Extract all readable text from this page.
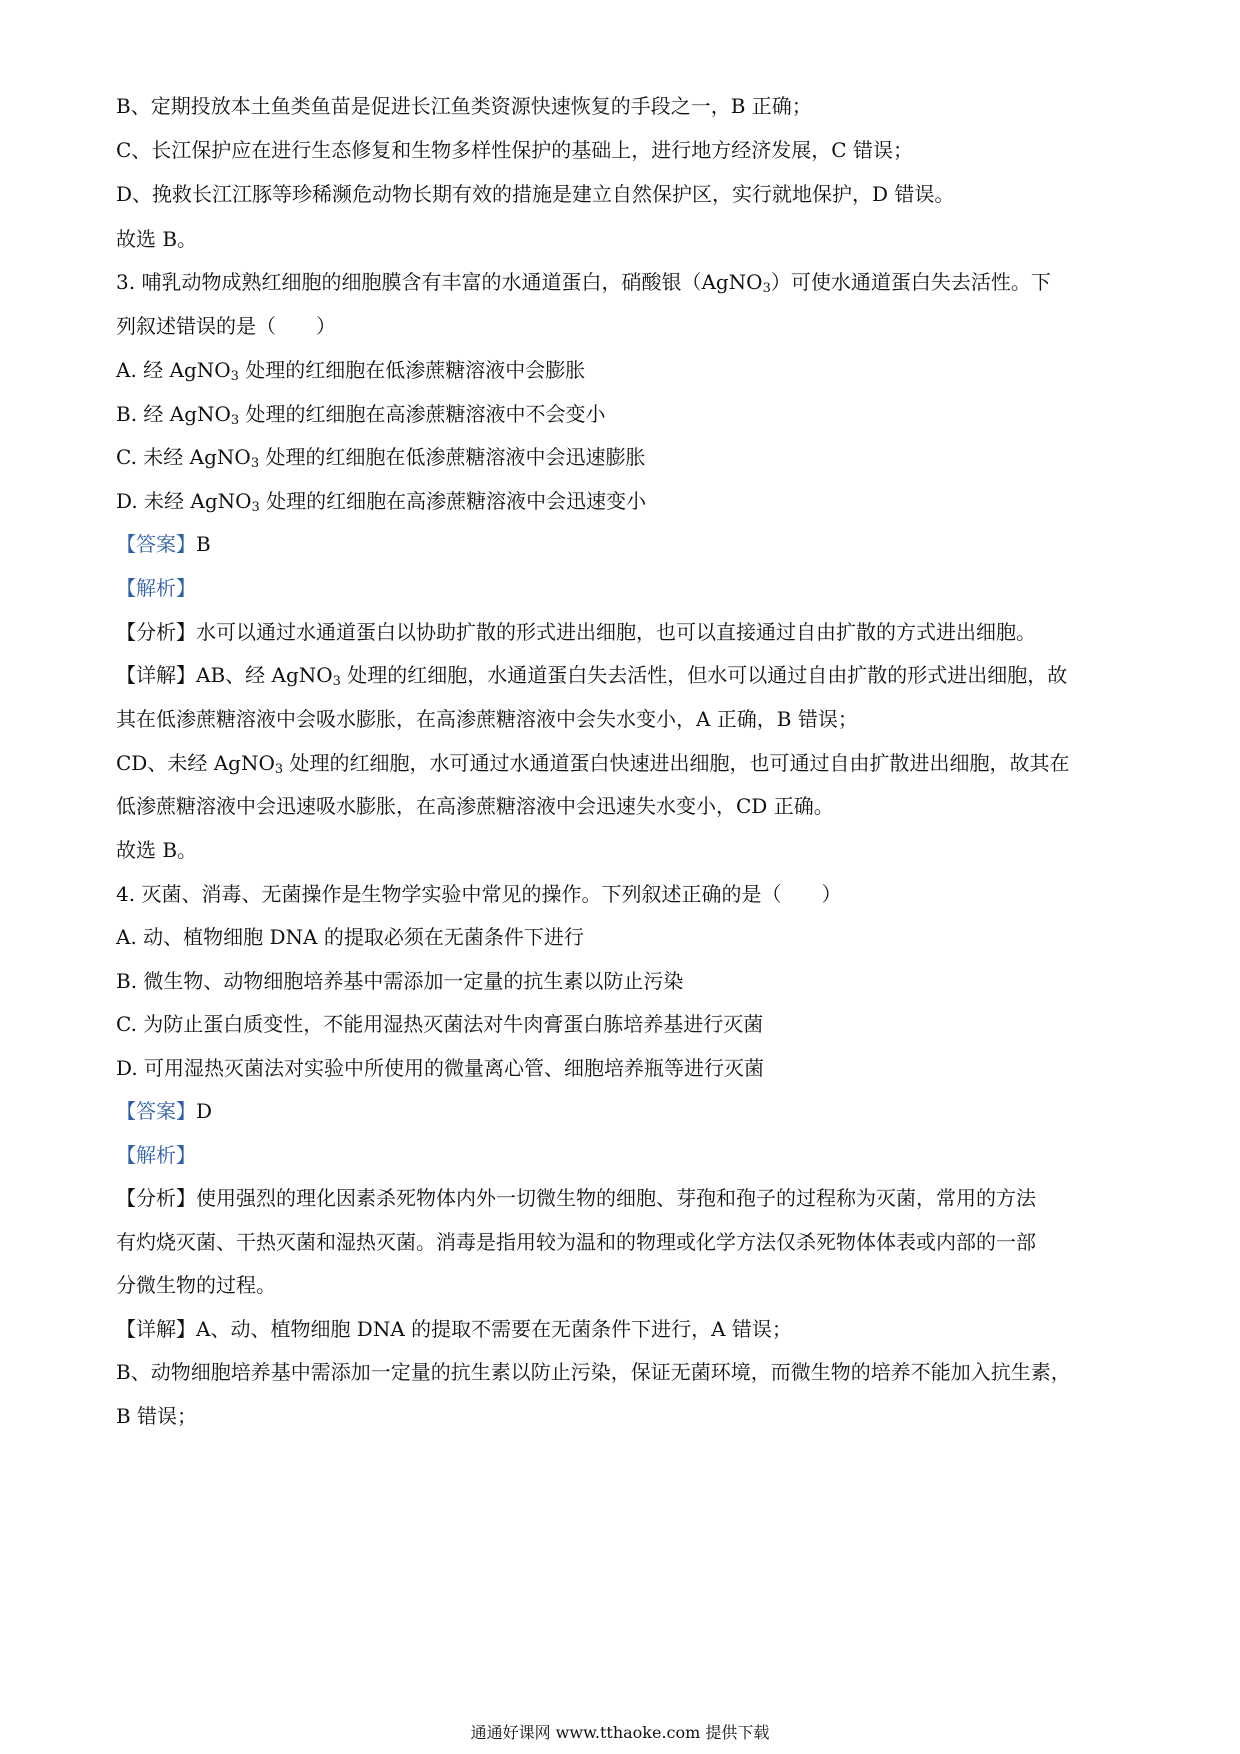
B、定期投放本土鱼类鱼苗是促进长江鱼类资源快速恢复的手段之一，B 正确；
C、长江保护应在进行生态修复和生物多样性保护的基础上，进行地方经济发展，C 错误；
D、挽救长江江豚等珍稀濒危动物长期有效的措施是建立自然保护区，实行就地保护，D 错误。
故选 B。
3. 哺乳动物成熟红细胞的细胞膜含有丰富的水通道蛋白，硝酸银（AgNO$_3$）可使水通道蛋白失去活性。下
列叙述错误的是（　　）
A. 经 AgNO$_3$ 处理的红细胞在低渗蔗糖溶液中会膨胀
B. 经 AgNO$_3$ 处理的红细胞在高渗蔗糖溶液中不会变小
C. 未经 AgNO$_3$ 处理的红细胞在低渗蔗糖溶液中会迅速膨胀
D. 未经 AgNO$_3$ 处理的红细胞在高渗蔗糖溶液中会迅速变小
【答案】B
【解析】
【分析】水可以通过水通道蛋白以协助扩散的形式进出细胞，也可以直接通过自由扩散的方式进出细胞。
【详解】AB、经 AgNO$_3$ 处理的红细胞，水通道蛋白失去活性，但水可以通过自由扩散的形式进出细胞，故
其在低渗蔗糖溶液中会吸水膨胀，在高渗蔗糖溶液中会失水变小，A 正确，B 错误；
CD、未经 AgNO$_3$ 处理的红细胞，水可通过水通道蛋白快速进出细胞，也可通过自由扩散进出细胞，故其在
低渗蔗糖溶液中会迅速吸水膨胀，在高渗蔗糖溶液中会迅速失水变小，CD 正确。
故选 B。
4. 灭菌、消毒、无菌操作是生物学实验中常见的操作。下列叙述正确的是（　　）
A. 动、植物细胞 DNA 的提取必须在无菌条件下进行
B. 微生物、动物细胞培养基中需添加一定量的抗生素以防止污染
C. 为防止蛋白质变性，不能用湿热灭菌法对牛肉膏蛋白胨培养基进行灭菌
D. 可用湿热灭菌法对实验中所使用的微量离心管、细胞培养瓶等进行灭菌
【答案】D
【解析】
【分析】使用强烈的理化因素杀死物体内外一切微生物的细胞、芽孢和孢子的过程称为灭菌，常用的方法
有灼烧灭菌、干热灭菌和湿热灭菌。消毒是指用较为温和的物理或化学方法仅杀死物体体表或内部的一部
分微生物的过程。
【详解】A、动、植物细胞 DNA 的提取不需要在无菌条件下进行，A 错误；
B、动物细胞培养基中需添加一定量的抗生素以防止污染，保证无菌环境，而微生物的培养不能加入抗生素，
B 错误；
通通好课网 www.tthaoke.com 提供下载
